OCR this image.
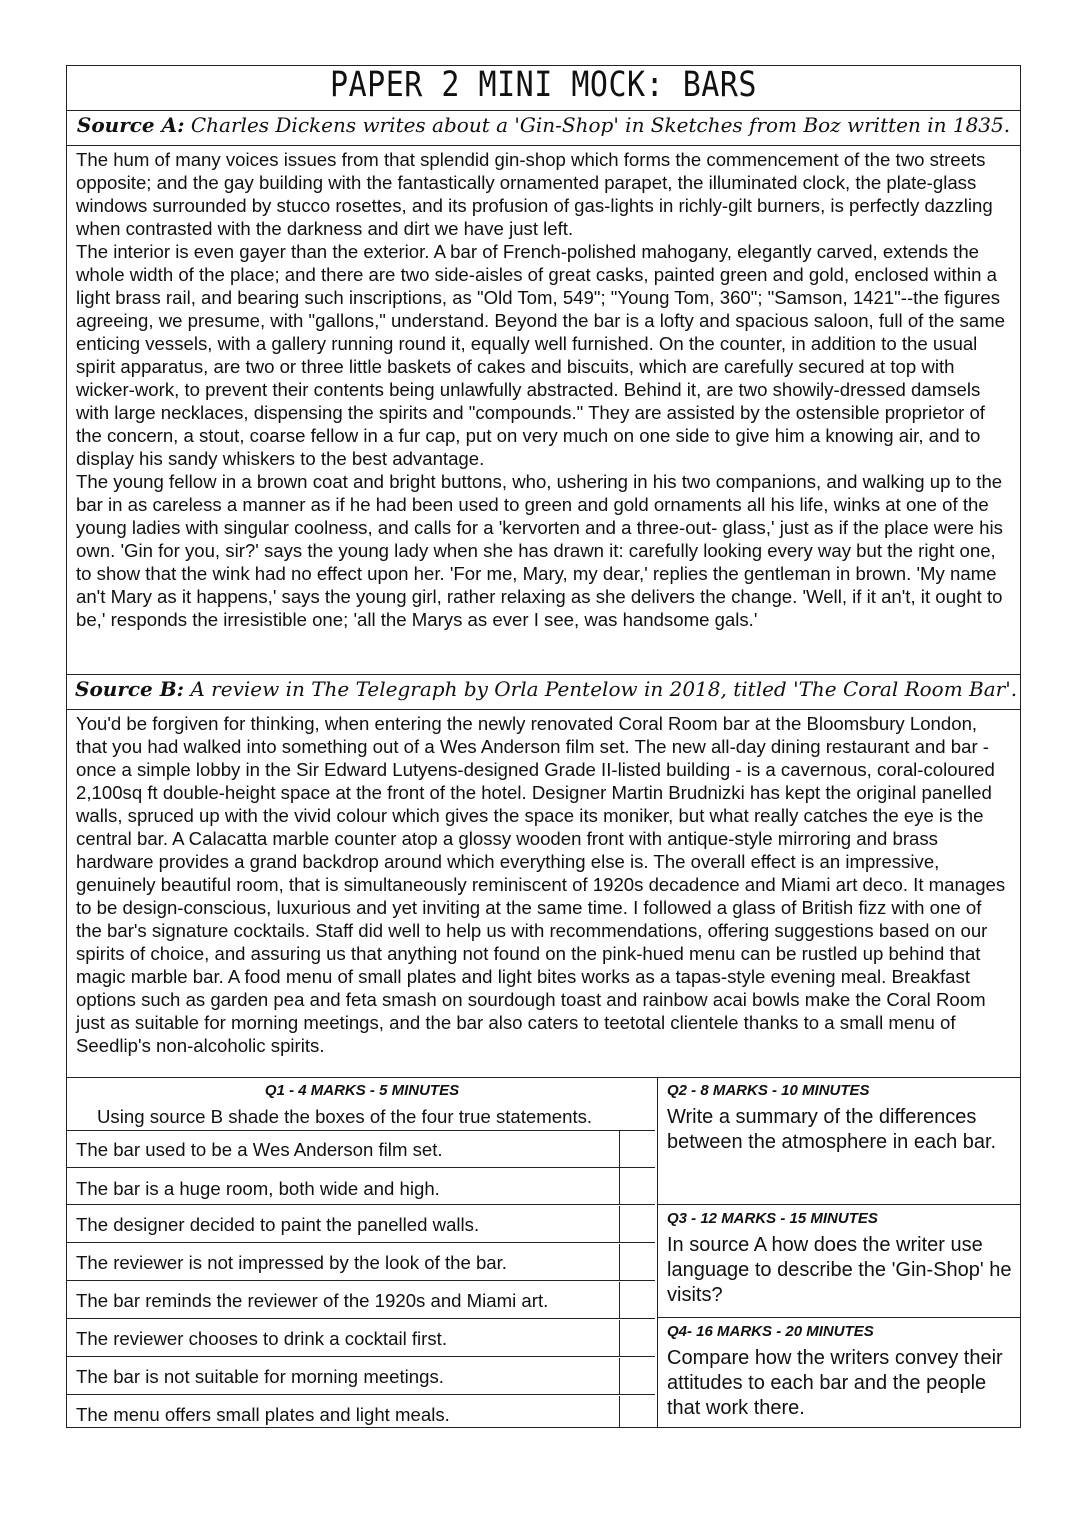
PAPER 2 MINI MOCK: BARS
Source A: Charles Dickens writes about a 'Gin-Shop' in Sketches from Boz written in 1835.

The hum of many voices issues from that splendid gin-shop which forms the commencement of the two streets opposite; and the gay building with the fantastically ornamented parapet, the illuminated clock, the plate-glass windows surrounded by stucco rosettes, and its profusion of gas-lights in richly-gilt burners, is perfectly dazzling when contrasted with the darkness and dirt we have just left.

The interior is even gayer than the exterior. A bar of French-polished mahogany, elegantly carved, extends the whole width of the place; and there are two side-aisles of great casks, painted green and gold, enclosed within a light brass rail, and bearing such inscriptions, as "Old Tom, 549"; "Young Tom, 360"; "Samson, 1421"--the figures agreeing, we presume, with "gallons," understand. Beyond the bar is a lofty and spacious saloon, full of the same enticing vessels, with a gallery running round it, equally well furnished. On the counter, in addition to the usual spirit apparatus, are two or three little baskets of cakes and biscuits, which are carefully secured at top with wicker-work, to prevent their contents being unlawfully abstracted. Behind it, are two showily-dressed damsels with large necklaces, dispensing the spirits and "compounds." They are assisted by the ostensible proprietor of the concern, a stout, coarse fellow in a fur cap, put on very much on one side to give him a knowing air, and to display his sandy whiskers to the best advantage.

The young fellow in a brown coat and bright buttons, who, ushering in his two companions, and walking up to the bar in as careless a manner as if he had been used to green and gold ornaments all his life, winks at one of the young ladies with singular coolness, and calls for a 'kervorten and a three-out- glass,' just as if the place were his own. 'Gin for you, sir?' says the young lady when she has drawn it: carefully looking every way but the right one, to show that the wink had no effect upon her. 'For me, Mary, my dear,' replies the gentleman in brown. 'My name an't Mary as it happens,' says the young girl, rather relaxing as she delivers the change. 'Well, if it an't, it ought to be,' responds the irresistible one; 'all the Marys as ever I see, was handsome gals.'

Source B: A review in The Telegraph by Orla Pentelow in 2018, titled 'The Coral Room Bar'.

You'd be forgiven for thinking, when entering the newly renovated Coral Room bar at the Bloomsbury London, that you had walked into something out of a Wes Anderson film set. The new all-day dining restaurant and bar - once a simple lobby in the Sir Edward Lutyens-designed Grade II-listed building - is a cavernous, coral-coloured 2,100sq ft double-height space at the front of the hotel. Designer Martin Brudnizki has kept the original panelled walls, spruced up with the vivid colour which gives the space its moniker, but what really catches the eye is the central bar. A Calacatta marble counter atop a glossy wooden front with antique-style mirroring and brass hardware provides a grand backdrop around which everything else is. The overall effect is an impressive, genuinely beautiful room, that is simultaneously reminiscent of 1920s decadence and Miami art deco. It manages to be design-conscious, luxurious and yet inviting at the same time. I followed a glass of British fizz with one of the bar's signature cocktails. Staff did well to help us with recommendations, offering suggestions based on our spirits of choice, and assuring us that anything not found on the pink-hued menu can be rustled up behind that magic marble bar. A food menu of small plates and light bites works as a tapas-style evening meal. Breakfast options such as garden pea and feta smash on sourdough toast and rainbow acai bowls make the Coral Room just as suitable for morning meetings, and the bar also caters to teetotal clientele thanks to a small menu of Seedlip's non-alcoholic spirits.

Q1 - 4 MARKS - 5 MINUTES
Using source B shade the boxes of the four true statements.
The bar used to be a Wes Anderson film set.
The bar is a huge room, both wide and high.
The designer decided to paint the panelled walls.
The reviewer is not impressed by the look of the bar.
The bar reminds the reviewer of the 1920s and Miami art.
The reviewer chooses to drink a cocktail first.
The bar is not suitable for morning meetings.
The menu offers small plates and light meals.
Q2 - 8 MARKS - 10 MINUTES
Write a summary of the differences between the atmosphere in each bar.
Q3 - 12 MARKS - 15 MINUTES
In source A how does the writer use language to describe the 'Gin-Shop' he visits?
Q4- 16 MARKS - 20 MINUTES
Compare how the writers convey their attitudes to each bar and the people that work there.
